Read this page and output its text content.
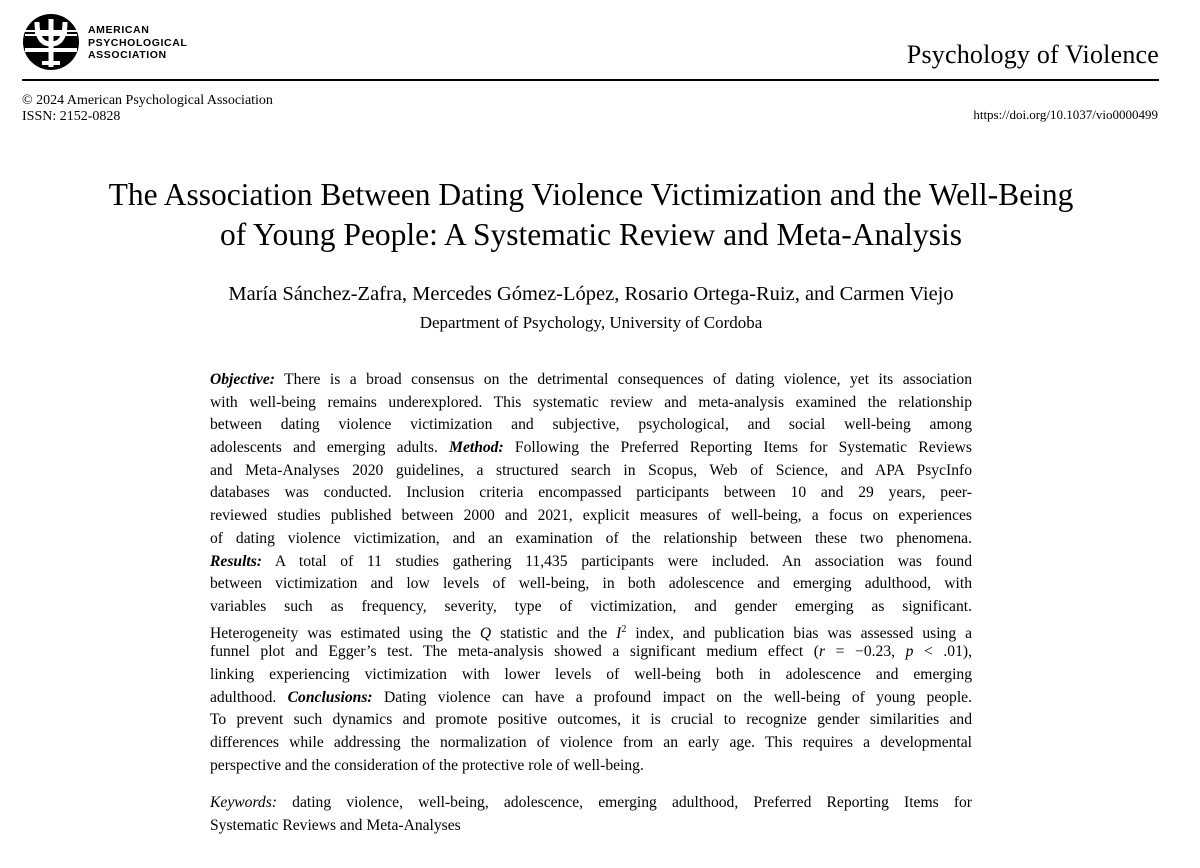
AMERICAN
PSYCHOLOGICAL
ASSOCIATION	Psychology of Violence
© 2024 American Psychological Association
ISSN: 2152-0828	https://doi.org/10.1037/vio0000499
The Association Between Dating Violence Victimization and the Well-Being
of Young People: A Systematic Review and Meta-Analysis
María Sánchez-Zafra, Mercedes Gómez-López, Rosario Ortega-Ruiz, and Carmen Viejo
Department of Psychology, University of Cordoba
Objective: There is a broad consensus on the detrimental consequences of dating violence, yet its association
with well-being remains underexplored. This systematic review and meta-analysis examined the relationship
between dating violence victimization and subjective, psychological, and social well-being among
adolescents and emerging adults. Method: Following the Preferred Reporting Items for Systematic Reviews
and Meta-Analyses 2020 guidelines, a structured search in Scopus, Web of Science, and APA PsycInfo
databases was conducted. Inclusion criteria encompassed participants between 10 and 29 years, peer-
reviewed studies published between 2000 and 2021, explicit measures of well-being, a focus on experiences
of dating violence victimization, and an examination of the relationship between these two phenomena.
Results: A total of 11 studies gathering 11,435 participants were included. An association was found
between victimization and low levels of well-being, in both adolescence and emerging adulthood, with
variables such as frequency, severity, type of victimization, and gender emerging as significant.
Heterogeneity was estimated using the Q statistic and the $I^2$ index, and publication bias was assessed using a
funnel plot and Egger’s test. The meta-analysis showed a significant medium effect (r = −0.23, p < .01),
linking experiencing victimization with lower levels of well-being both in adolescence and emerging
adulthood. Conclusions: Dating violence can have a profound impact on the well-being of young people.
To prevent such dynamics and promote positive outcomes, it is crucial to recognize gender similarities and
differences while addressing the normalization of violence from an early age. This requires a developmental
perspective and the consideration of the protective role of well-being.
Keywords: dating violence, well-being, adolescence, emerging adulthood, Preferred Reporting Items for
Systematic Reviews and Meta-Analyses
